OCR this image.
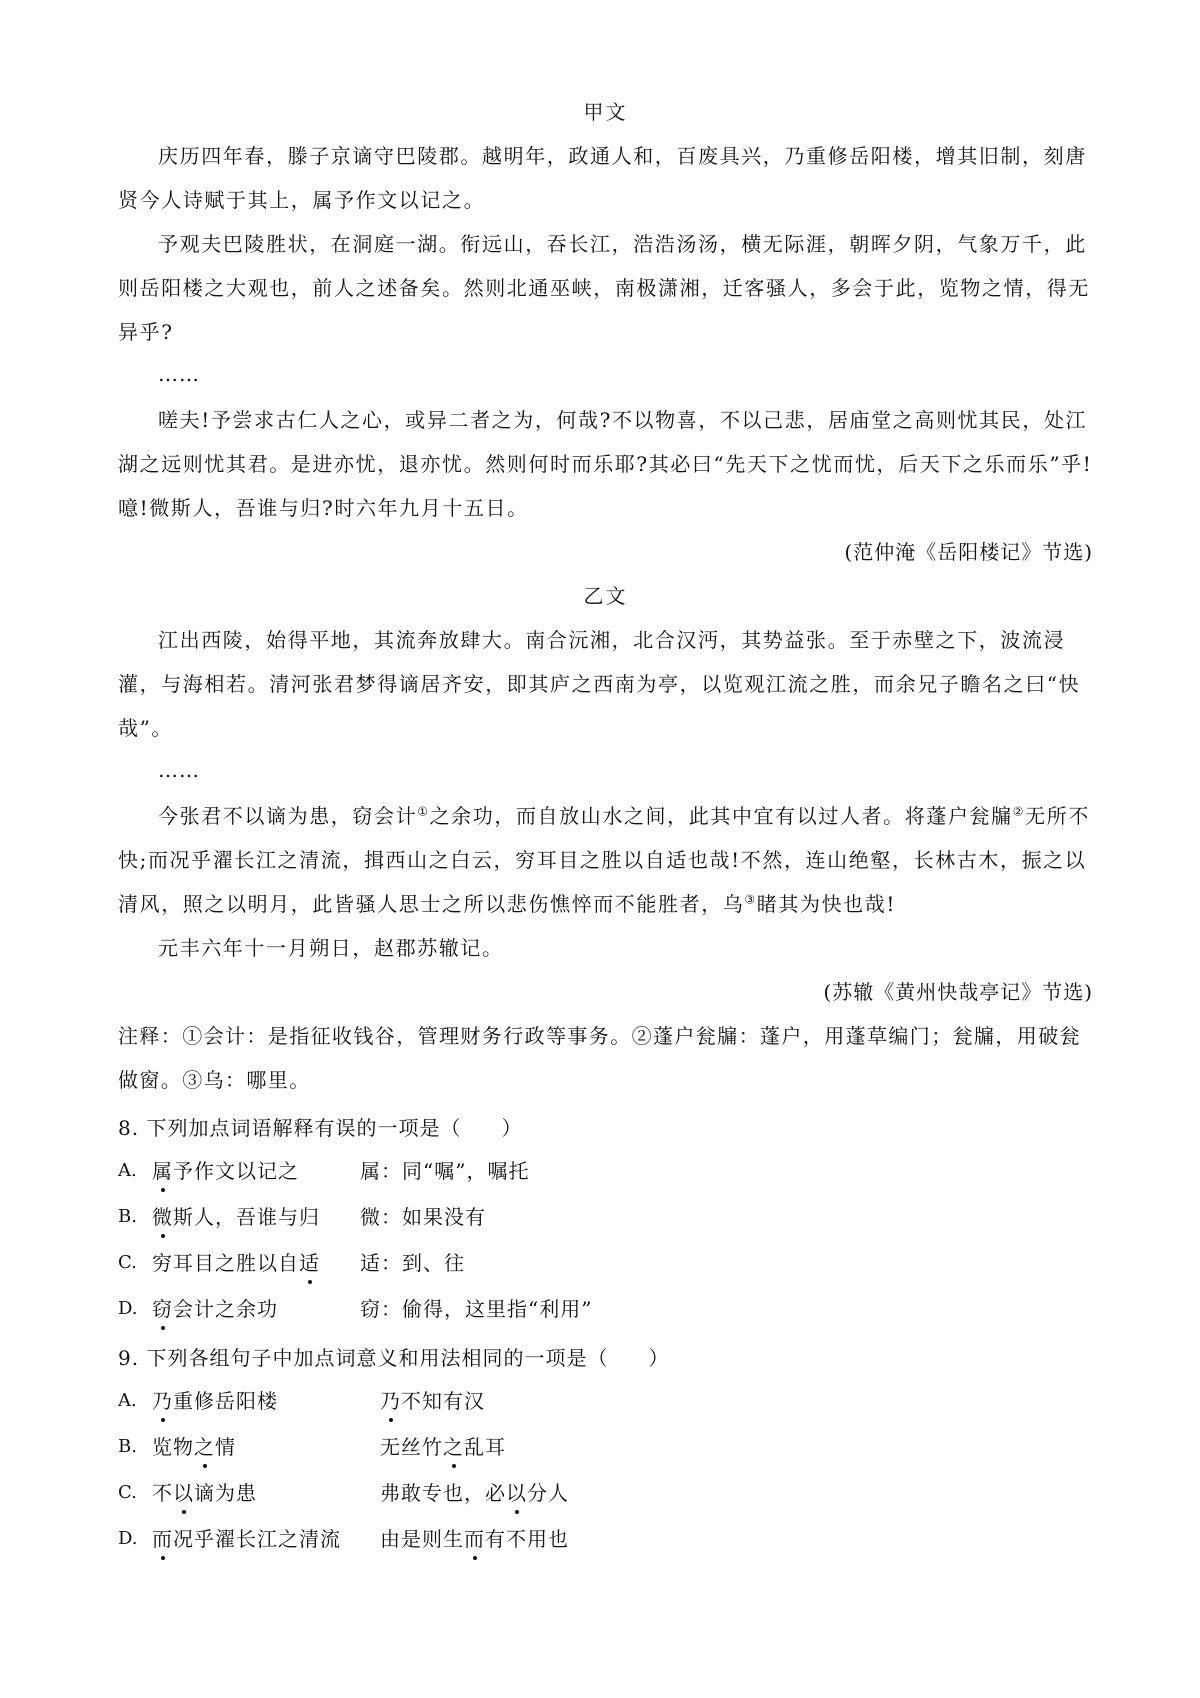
甲文

庆历四年春，滕子京谪守巴陵郡。越明年，政通人和，百废具兴，乃重修岳阳楼，增其旧制，刻唐贤今人诗赋于其上，属予作文以记之。

予观夫巴陵胜状，在洞庭一湖。衔远山，吞长江，浩浩汤汤，横无际涯，朝晖夕阴，气象万千，此则岳阳楼之大观也，前人之述备矣。然则北通巫峡，南极潇湘，迁客骚人，多会于此，览物之情，得无异乎?

……

嗟夫!予尝求古仁人之心，或异二者之为，何哉?不以物喜，不以己悲，居庙堂之高则忧其民，处江湖之远则忧其君。是进亦忧，退亦忧。然则何时而乐耶?其必曰“先天下之忧而忧，后天下之乐而乐”乎!噫!微斯人，吾谁与归?时六年九月十五日。

(范仲淹《岳阳楼记》节选)
乙文

江出西陵，始得平地，其流奔放肆大。南合沅湘，北合汉沔，其势益张。至于赤壁之下，波流浸灌，与海相若。清河张君梦得谪居齐安，即其庐之西南为亭，以览观江流之胜，而余兄子瞻名之曰“快哉”。

……

今张君不以谪为患，窃会计①之余功，而自放山水之间，此其中宜有以过人者。将蓬户瓮牖②无所不快;而况乎濯长江之清流，揖西山之白云，穷耳目之胜以自适也哉!不然，连山绝壑，长林古木，振之以清风，照之以明月，此皆骚人思士之所以悲伤憔悴而不能胜者，乌③睹其为快也哉!

元丰六年十一月朔日，赵郡苏辙记。

(苏辙《黄州快哉亭记》节选)
注释：①会计：是指征收钱谷，管理财务行政等事务。②蓬户瓮牖：蓬户，用蓬草编门；瓮牖，用破瓮做窗。③乌：哪里。
8. 下列加点词语解释有误的一项是（ ）
A. 属予作文以记之	属：同“嘱”，嘱托
B. 微斯人，吾谁与归	微：如果没有
C. 穷耳目之胜以自适	适：到、往
D. 窃会计之余功	窃：偷得，这里指“利用”
9. 下列各组句子中加点词意义和用法相同的一项是（ ）
A. 乃重修岳阳楼	乃不知有汉
B. 览物之情	无丝竹之乱耳
C. 不以谪为患	弗敢专也，必以分人
D. 而况乎濯长江之清流	由是则生而有不用也
